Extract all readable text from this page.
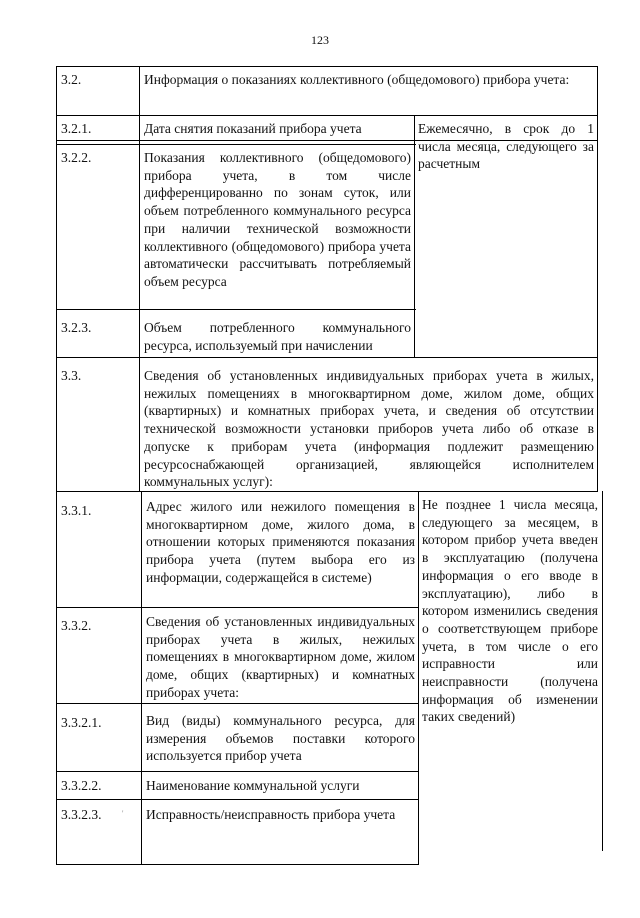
123
3.2.	Информация о показаниях коллективного (общедомового) прибора учета:
3.2.1.	Дата снятия показаний прибора учета	Ежемесячно, в срок до 1 числа месяца, следующего за расчетным
3.2.2.	Показания коллективного (общедомового) прибора учета, в том числе дифференцированно по зонам суток, или объем потребленного коммунального ресурса при наличии технической возможности коллективного (общедомового) прибора учета автоматически рассчитывать потребляемый объем ресурса
3.2.3.	Объем потребленного коммунального ресурса, используемый при начислении
3.3.	Сведения об установленных индивидуальных приборах учета в жилых, нежилых помещениях в многоквартирном доме, жилом доме, общих (квартирных) и комнатных приборах учета, и сведения об отсутствии технической возможности установки приборов учета либо об отказе в допуске к приборам учета (информация подлежит размещению ресурсоснабжающей организацией, являющейся исполнителем коммунальных услуг):
3.3.1.	Адрес жилого или нежилого помещения в многоквартирном доме, жилого дома, в отношении которых применяются показания прибора учета (путем выбора его из информации, содержащейся в системе)
Не позднее 1 числа месяца, следующего за месяцем, в котором прибор учета введен в эксплуатацию (получена информация о его вводе в эксплуатацию), либо в котором изменились сведения о соответствующем приборе учета, в том числе о его исправности или неисправности (получена информация об изменении таких сведений)
3.3.2.	Сведения об установленных индивидуальных приборах учета в жилых, нежилых помещениях в многоквартирном доме, жилом доме, общих (квартирных) и комнатных приборах учета:
3.3.2.1.	Вид (виды) коммунального ресурса, для измерения объемов поставки которого используется прибор учета
3.3.2.2.	Наименование коммунальной услуги
3.3.2.3.	' Исправность/неисправность прибора учета
